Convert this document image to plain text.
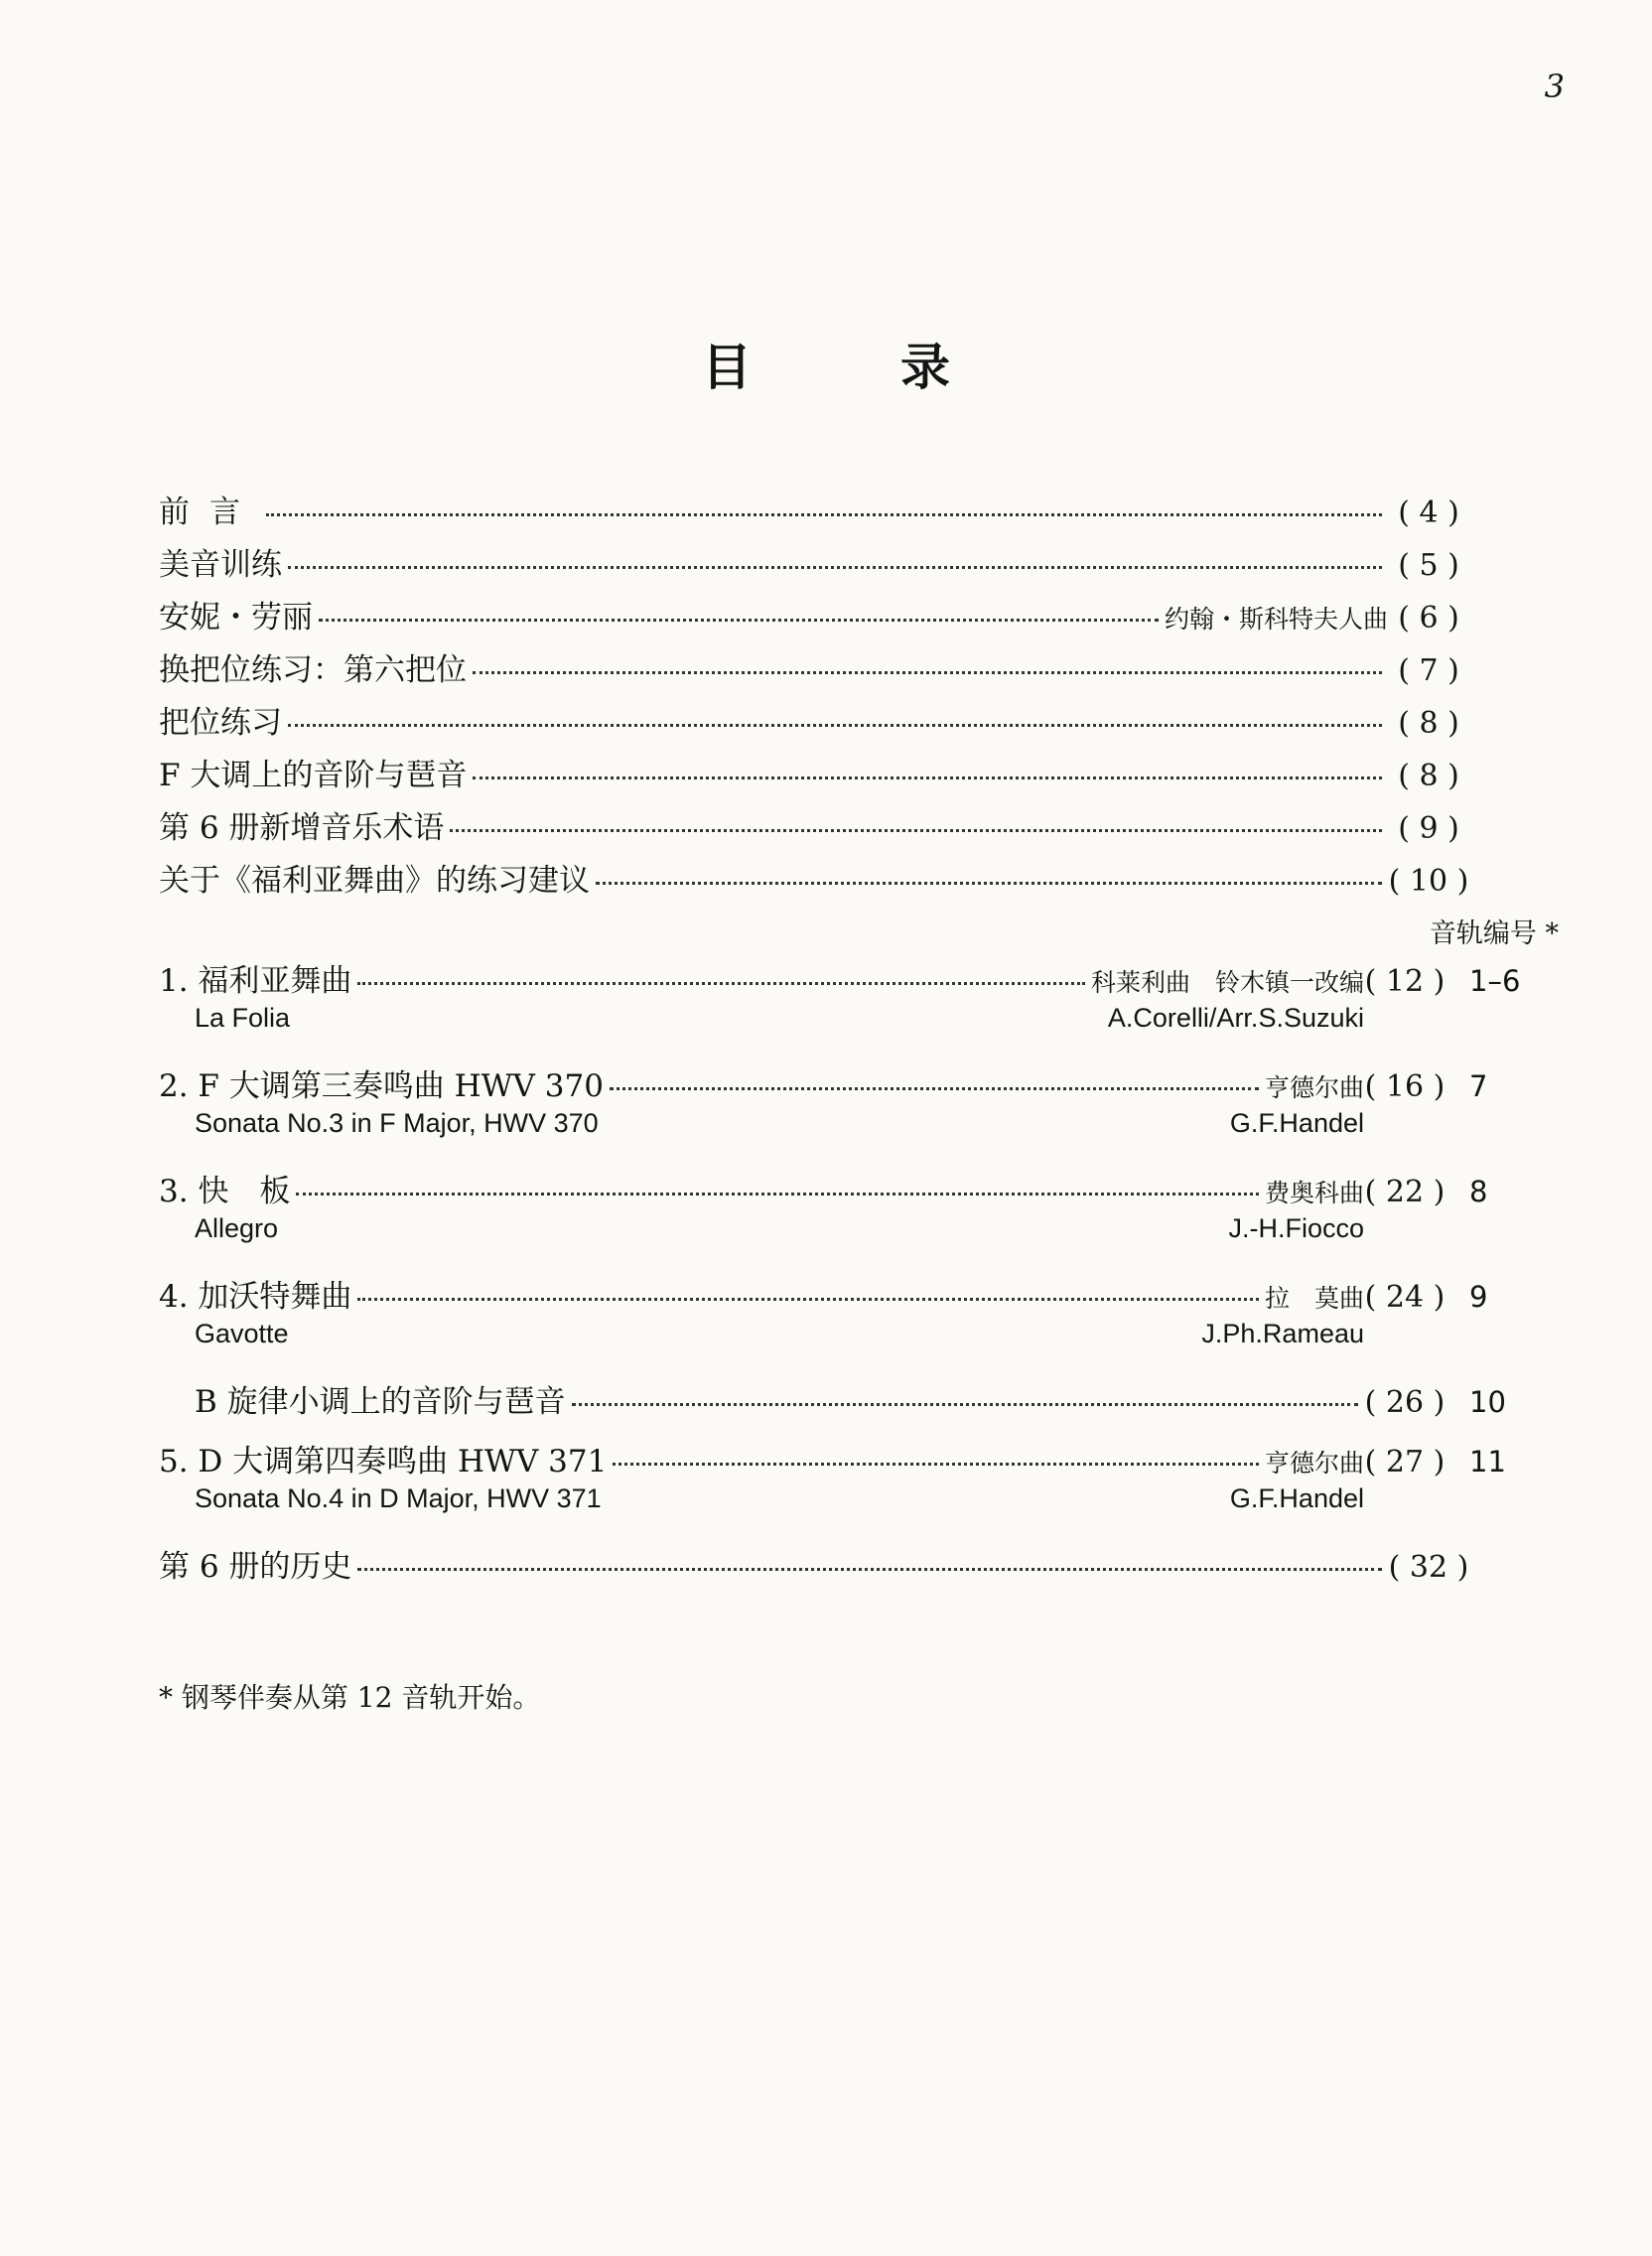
3
目录
前言	( 4 )
美音训练	( 5 )
安妮・劳丽	约翰・斯科特夫人曲 ( 6 )
换把位练习：第六把位	( 7 )
把位练习	( 8 )
F 大调上的音阶与琶音	( 8 )
第 6 册新增音乐术语	( 9 )
关于《福利亚舞曲》的练习建议	( 10 )
音轨编号 *
1. 福利亚舞曲	科莱利曲　铃木镇一改编 ( 12 ) 1–6
La Folia	A.Corelli/Arr.S.Suzuki
2. F 大调第三奏鸣曲 HWV 370	亨德尔曲 ( 16 ) 7
Sonata No.3 in F Major, HWV 370	G.F.Handel
3. 快　板	费奥科曲 ( 22 ) 8
Allegro	J.-H.Fiocco
4. 加沃特舞曲	拉　莫曲 ( 24 ) 9
Gavotte	J.Ph.Rameau
B 旋律小调上的音阶与琶音	( 26 ) 10
5. D 大调第四奏鸣曲 HWV 371	亨德尔曲 ( 27 ) 11
Sonata No.4 in D Major, HWV 371	G.F.Handel
第 6 册的历史	( 32 )
* 钢琴伴奏从第 12 音轨开始。
